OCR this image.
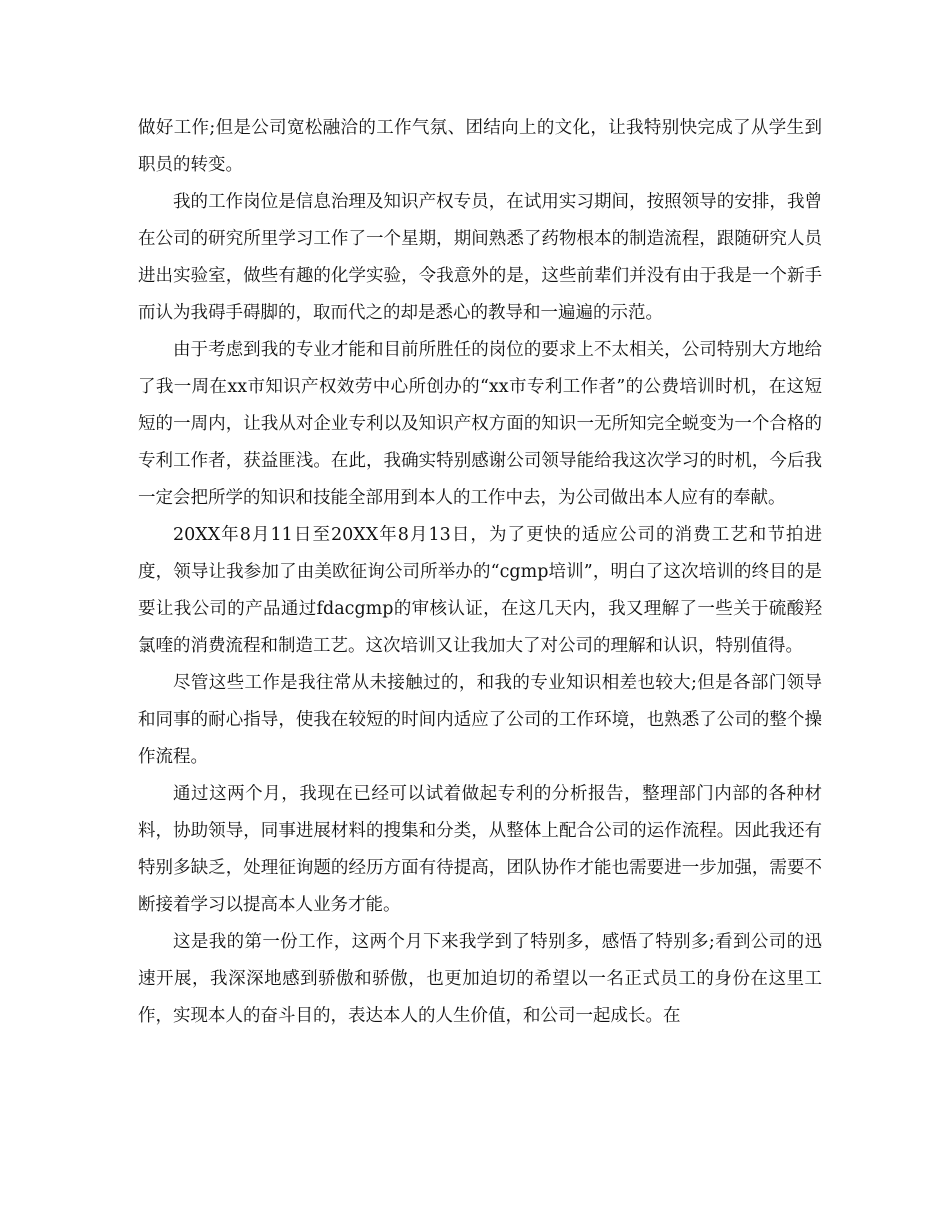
做好工作;但是公司宽松融洽的工作气氛、团结向上的文化，让我特别快完成了从学生到职员的转变。

我的工作岗位是信息治理及知识产权专员，在试用实习期间，按照领导的安排，我曾在公司的研究所里学习工作了一个星期，期间熟悉了药物根本的制造流程，跟随研究人员进出实验室，做些有趣的化学实验，令我意外的是，这些前辈们并没有由于我是一个新手而认为我碍手碍脚的，取而代之的却是悉心的教导和一遍遍的示范。

由于考虑到我的专业才能和目前所胜任的岗位的要求上不太相关，公司特别大方地给了我一周在xx市知识产权效劳中心所创办的“xx市专利工作者”的公费培训时机，在这短短的一周内，让我从对企业专利以及知识产权方面的知识一无所知完全蜕变为一个合格的专利工作者，获益匪浅。在此，我确实特别感谢公司领导能给我这次学习的时机，今后我一定会把所学的知识和技能全部用到本人的工作中去，为公司做出本人应有的奉献。

20XX年8月11日至20XX年8月13日，为了更快的适应公司的消费工艺和节拍进度，领导让我参加了由美欧征询公司所举办的“cgmp培训”，明白了这次培训的终目的是要让我公司的产品通过fdacgmp的审核认证，在这几天内，我又理解了一些关于硫酸羟氯喹的消费流程和制造工艺。这次培训又让我加大了对公司的理解和认识，特别值得。

尽管这些工作是我往常从未接触过的，和我的专业知识相差也较大;但是各部门领导和同事的耐心指导，使我在较短的时间内适应了公司的工作环境，也熟悉了公司的整个操作流程。

通过这两个月，我现在已经可以试着做起专利的分析报告，整理部门内部的各种材料，协助领导，同事进展材料的搜集和分类，从整体上配合公司的运作流程。因此我还有特别多缺乏，处理征询题的经历方面有待提高，团队协作才能也需要进一步加强，需要不断接着学习以提高本人业务才能。

这是我的第一份工作，这两个月下来我学到了特别多，感悟了特别多;看到公司的迅速开展，我深深地感到骄傲和骄傲，也更加迫切的希望以一名正式员工的身份在这里工作，实现本人的奋斗目的，表达本人的人生价值，和公司一起成长。在
